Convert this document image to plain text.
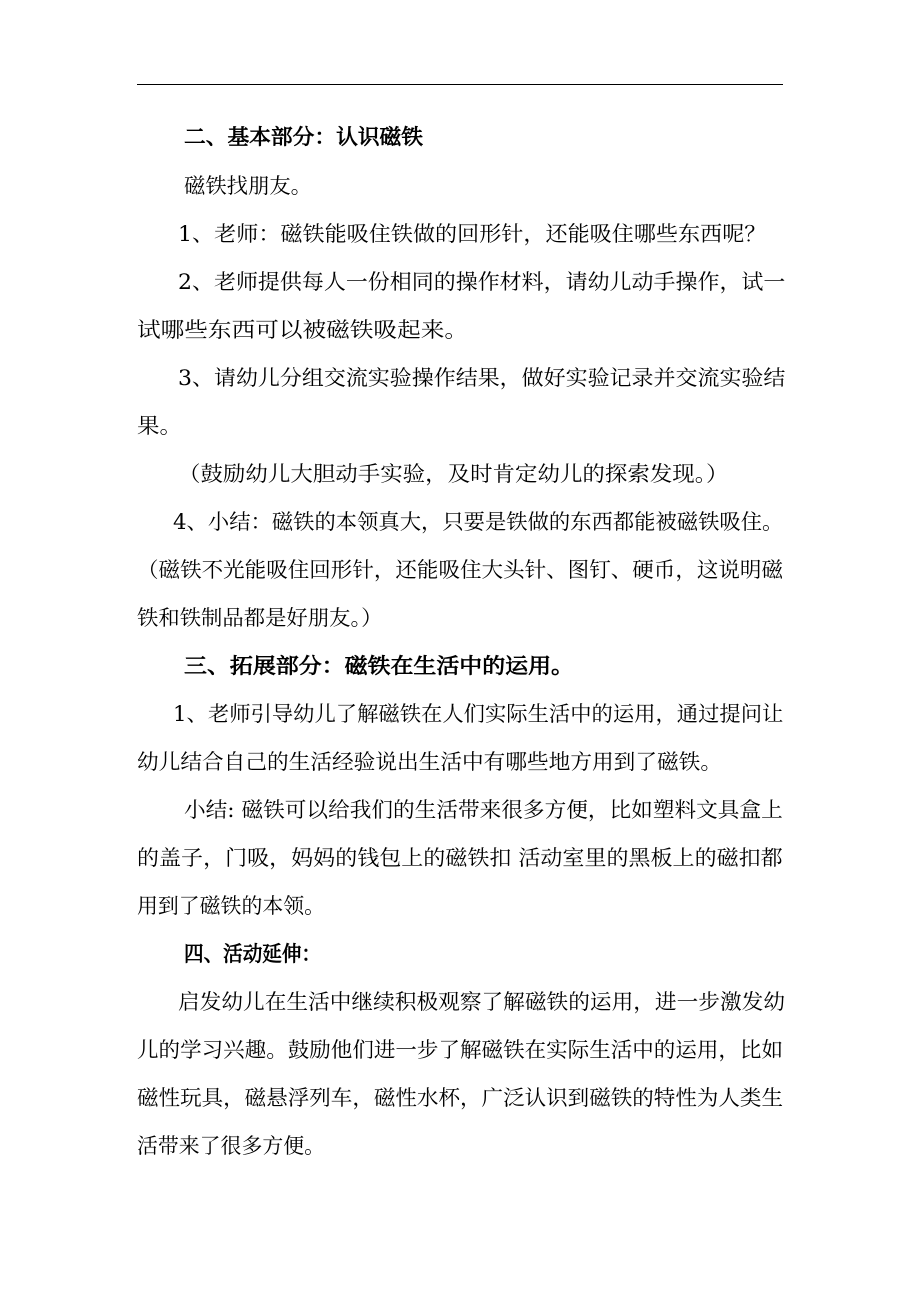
二、基本部分：认识磁铁
磁铁找朋友。
1、老师：磁铁能吸住铁做的回形针，还能吸住哪些东西呢？
2、老师提供每人一份相同的操作材料，请幼儿动手操作，试一
试哪些东西可以被磁铁吸起来。
3、请幼儿分组交流实验操作结果，做好实验记录并交流实验结
果。
（鼓励幼儿大胆动手实验，及时肯定幼儿的探索发现。）
4、小结：磁铁的本领真大，只要是铁做的东西都能被磁铁吸住。
（磁铁不光能吸住回形针，还能吸住大头针、图钉、硬币，这说明磁
铁和铁制品都是好朋友。）
三、拓展部分：磁铁在生活中的运用。
1、老师引导幼儿了解磁铁在人们实际生活中的运用，通过提问让
幼儿结合自己的生活经验说出生活中有哪些地方用到了磁铁。
小结: 磁铁可以给我们的生活带来很多方便，比如塑料文具盒上
的盖子，门吸，妈妈的钱包上的磁铁扣 活动室里的黑板上的磁扣都
用到了磁铁的本领。
四、活动延伸：
启发幼儿在生活中继续积极观察了解磁铁的运用，进一步激发幼
儿的学习兴趣。鼓励他们进一步了解磁铁在实际生活中的运用，比如
磁性玩具，磁悬浮列车，磁性水杯，广泛认识到磁铁的特性为人类生
活带来了很多方便。
